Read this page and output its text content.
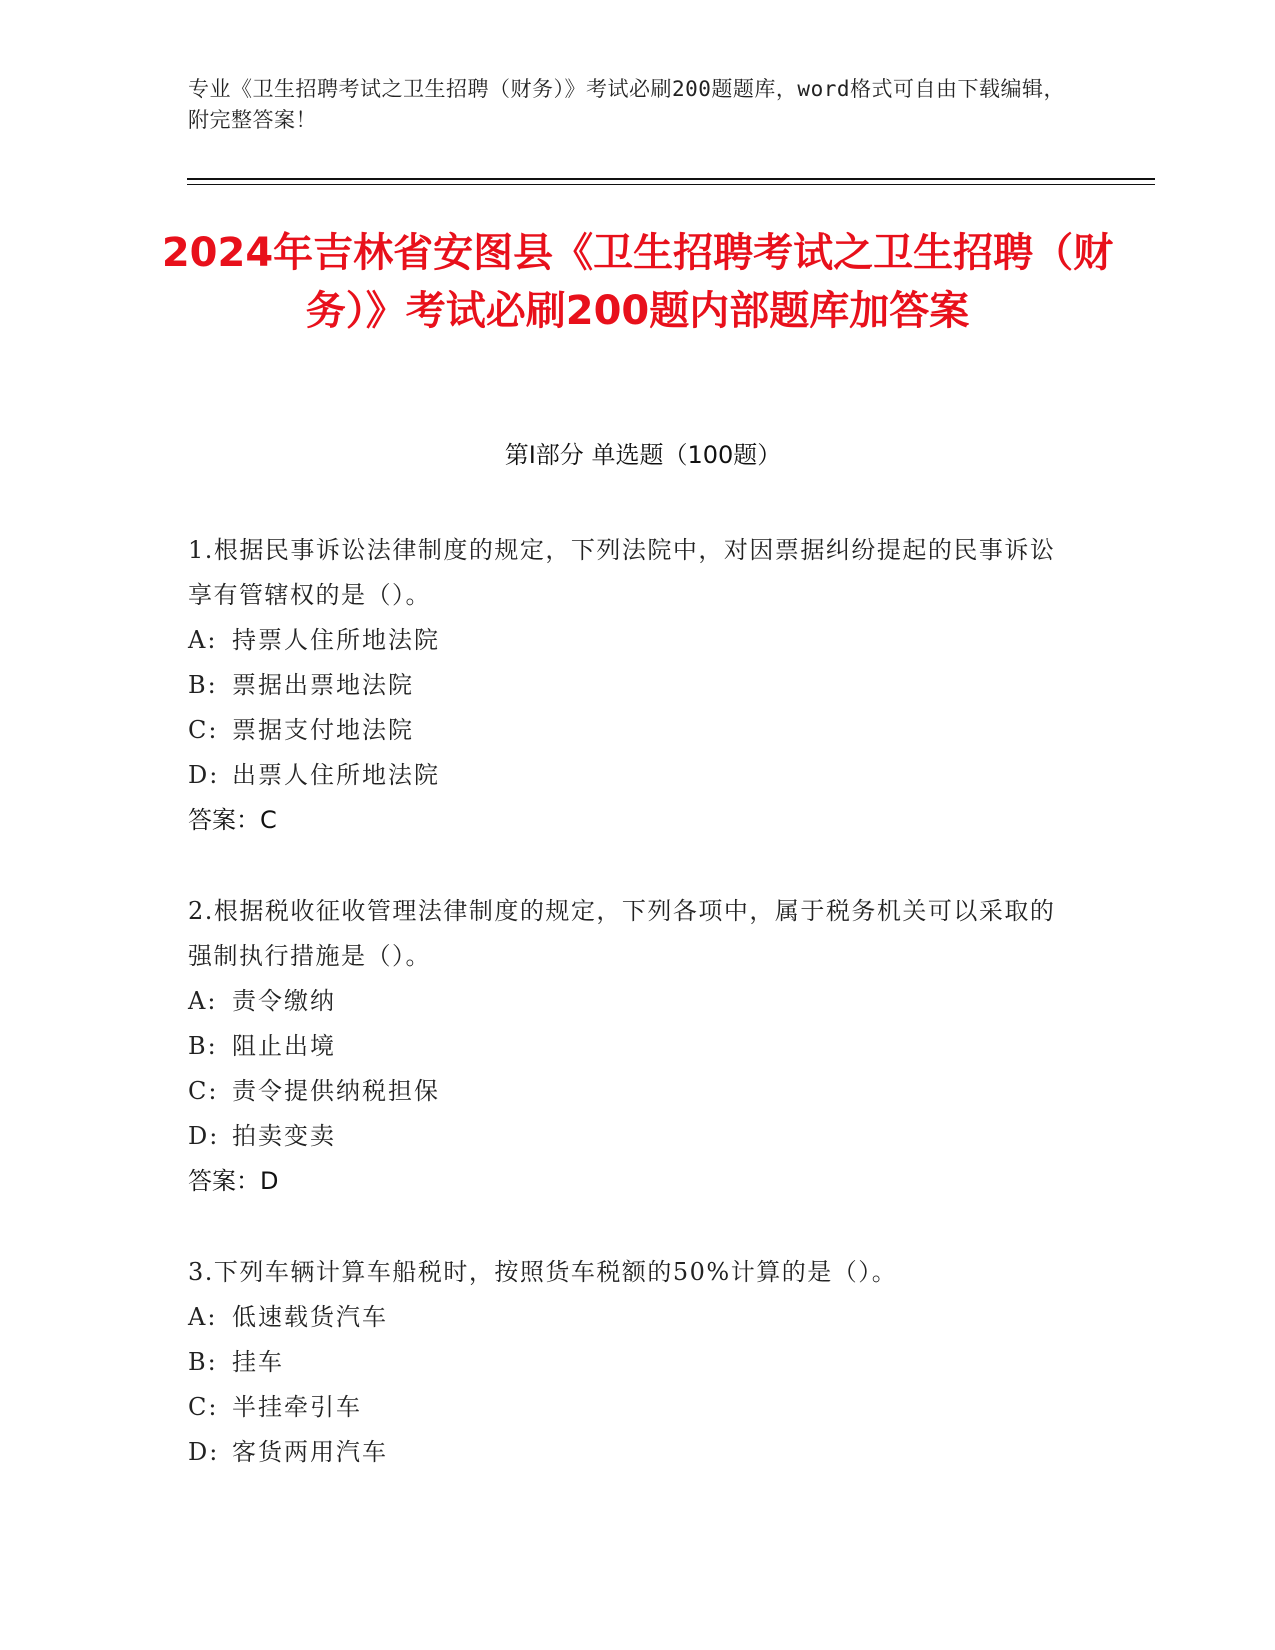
专业《卫生招聘考试之卫生招聘（财务）》考试必刷200题题库，word格式可自由下载编辑，附完整答案！
2024年吉林省安图县《卫生招聘考试之卫生招聘（财务）》考试必刷200题内部题库加答案
第Ⅰ部分 单选题（100题）
1.根据民事诉讼法律制度的规定，下列法院中，对因票据纠纷提起的民事诉讼享有管辖权的是（）。
A: 持票人住所地法院
B: 票据出票地法院
C: 票据支付地法院
D: 出票人住所地法院
答案：C
2.根据税收征收管理法律制度的规定，下列各项中，属于税务机关可以采取的强制执行措施是（）。
A: 责令缴纳
B: 阻止出境
C: 责令提供纳税担保
D: 拍卖变卖
答案：D
3.下列车辆计算车船税时，按照货车税额的50%计算的是（）。
A: 低速载货汽车
B: 挂车
C: 半挂牵引车
D: 客货两用汽车
